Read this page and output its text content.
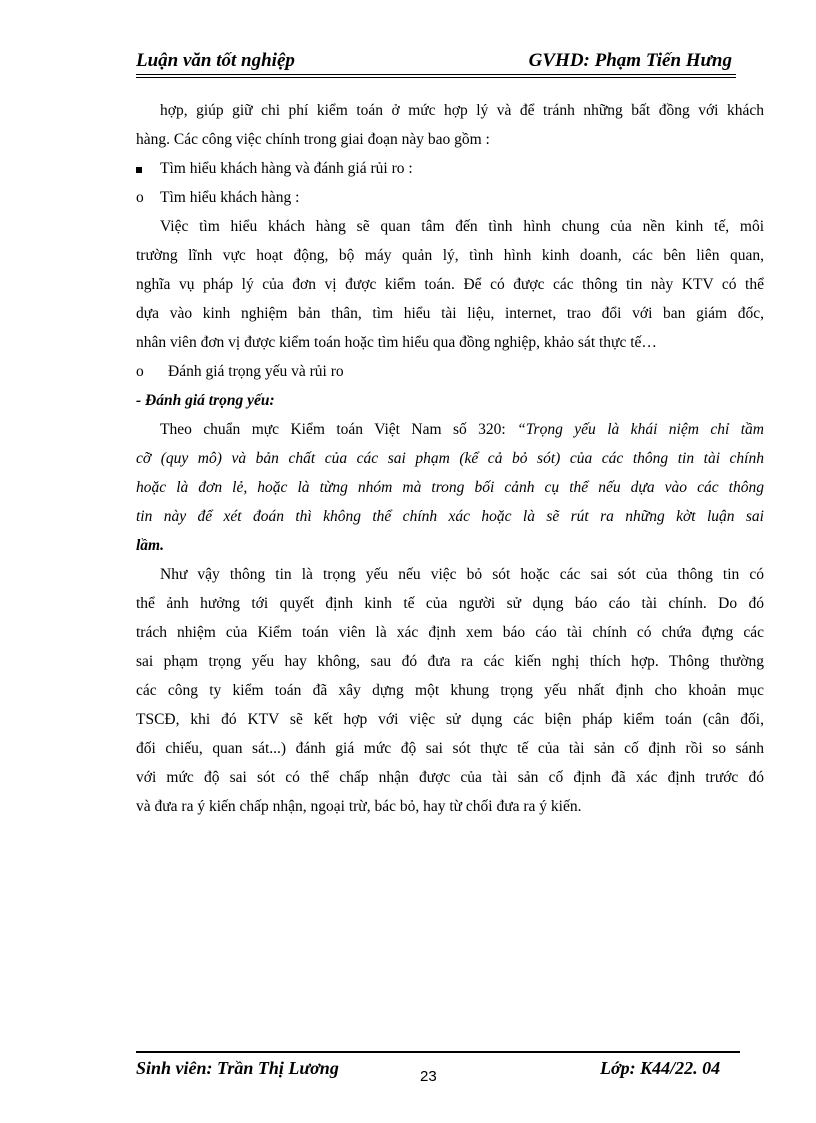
Luận văn tốt nghiệp	GVHD: Phạm Tiến Hưng
hợp, giúp giữ chi phí kiểm toán ở mức hợp lý và để tránh những bất đồng với khách
hàng. Các công việc chính trong giai đoạn này bao gồm :
Tìm hiểu khách hàng và đánh giá rủi ro :
o Tìm hiểu khách hàng :
Việc tìm hiểu khách hàng sẽ quan tâm đến tình hình chung của nền kinh tế, môi
trường lĩnh vực hoạt động, bộ máy quản lý, tình hình kinh doanh, các bên liên quan,
nghĩa vụ pháp lý của đơn vị được kiểm toán. Để có được các thông tin này KTV có thể
dựa vào kinh nghiệm bản thân, tìm hiểu tài liệu, internet, trao đổi với ban giám đốc,
nhân viên đơn vị được kiểm toán hoặc tìm hiểu qua đồng nghiệp, khảo sát thực tế…
o Đánh giá trọng yếu và rủi ro
- Đánh giá trọng yếu:
Theo chuẩn mực Kiểm toán Việt Nam số 320: “Trọng yếu là khái niệm chỉ tầm
cỡ (quy mô) và bản chất của các sai phạm (kể cả bỏ sót) của các thông tin tài chính
hoặc là đơn lẻ, hoặc là từng nhóm mà trong bối cảnh cụ thể nếu dựa vào các thông
tin này để xét đoán thì không thể chính xác hoặc là sẽ rút ra những kờt luận sai
lầm.
Như vậy thông tin là trọng yếu nếu việc bỏ sót hoặc các sai sót của thông tin có
thể ảnh hưởng tới quyết định kinh tế của người sử dụng báo cáo tài chính. Do đó
trách nhiệm của Kiểm toán viên là xác định xem báo cáo tài chính có chứa đựng các
sai phạm trọng yếu hay không, sau đó đưa ra các kiến nghị thích hợp. Thông thường
các công ty kiểm toán đã xây dựng một khung trọng yếu nhất định cho khoản mục
TSCĐ, khi đó KTV sẽ kết hợp với việc sử dụng các biện pháp kiểm toán (cân đối,
đối chiếu, quan sát...) đánh giá mức độ sai sót thực tế của tài sản cố định rồi so sánh
với mức độ sai sót có thể chấp nhận được của tài sản cố định đã xác định trước đó
và đưa ra ý kiến chấp nhận, ngoại trừ, bác bỏ, hay từ chối đưa ra ý kiến.
Sinh viên: Trần Thị Lương	23	Lớp: K44/22. 04
